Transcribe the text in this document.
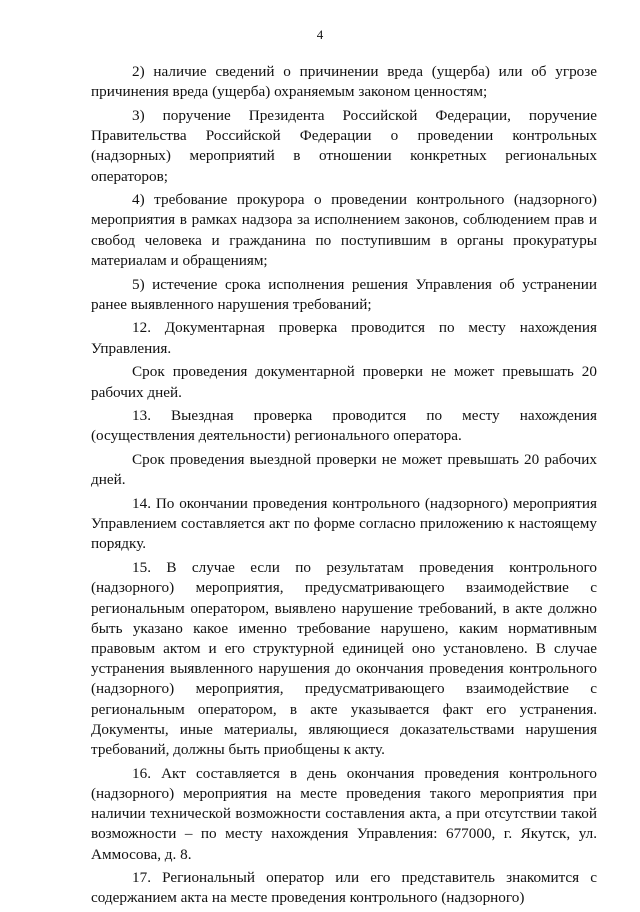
4

2) наличие сведений о причинении вреда (ущерба) или об угрозе причинения вреда (ущерба) охраняемым законом ценностям;

3) поручение Президента Российской Федерации, поручение Правительства Российской Федерации о проведении контрольных (надзорных) мероприятий в отношении конкретных региональных операторов;

4) требование прокурора о проведении контрольного (надзорного) мероприятия в рамках надзора за исполнением законов, соблюдением прав и свобод человека и гражданина по поступившим в органы прокуратуры материалам и обращениям;

5) истечение срока исполнения решения Управления об устранении ранее выявленного нарушения требований;

12. Документарная проверка проводится по месту нахождения Управления.

Срок проведения документарной проверки не может превышать 20 рабочих дней.

13. Выездная проверка проводится по месту нахождения (осуществления деятельности) регионального оператора.

Срок проведения выездной проверки не может превышать 20 рабочих дней.

14. По окончании проведения контрольного (надзорного) мероприятия Управлением составляется акт по форме согласно приложению к настоящему порядку.

15. В случае если по результатам проведения контрольного (надзорного) мероприятия, предусматривающего взаимодействие с региональным оператором, выявлено нарушение требований, в акте должно быть указано какое именно требование нарушено, каким нормативным правовым актом и его структурной единицей оно установлено. В случае устранения выявленного нарушения до окончания проведения контрольного (надзорного) мероприятия, предусматривающего взаимодействие с региональным оператором, в акте указывается факт его устранения. Документы, иные материалы, являющиеся доказательствами нарушения требований, должны быть приобщены к акту.

16. Акт составляется в день окончания проведения контрольного (надзорного) мероприятия на месте проведения такого мероприятия при наличии технической возможности составления акта, а при отсутствии такой возможности – по месту нахождения Управления: 677000, г. Якутск, ул. Аммосова, д. 8.

17. Региональный оператор или его представитель знакомится с содержанием акта на месте проведения контрольного (надзорного)
